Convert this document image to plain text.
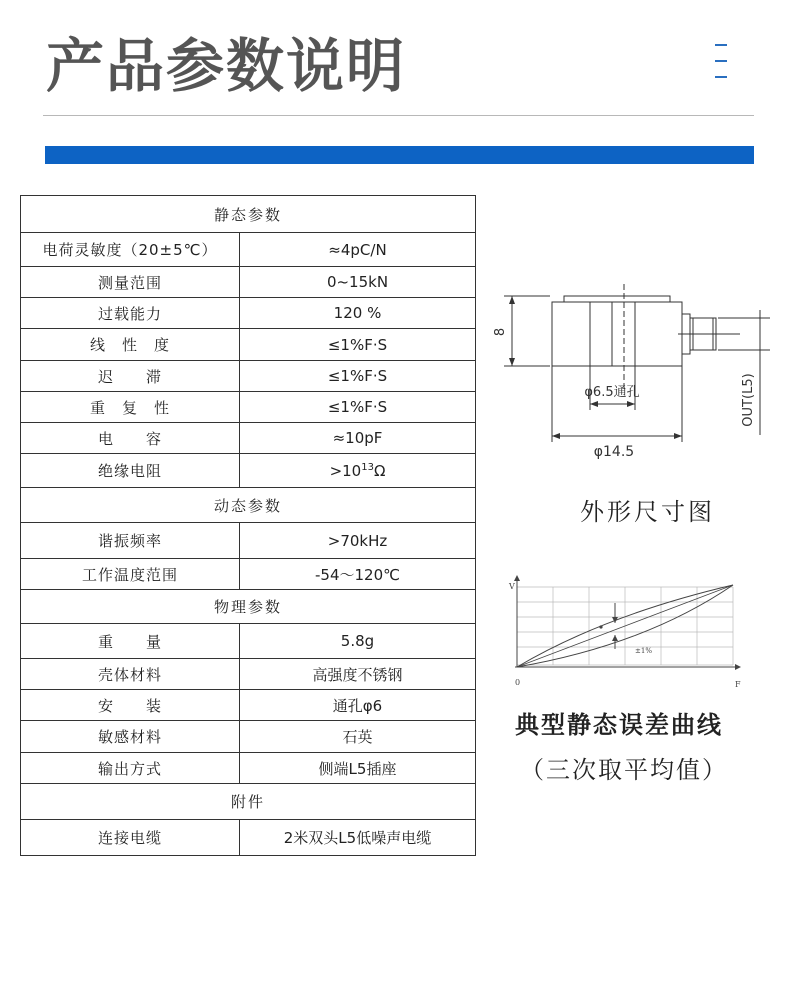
产品参数说明
静态参数	
电荷灵敏度（20±5℃）	≈4pC/N
测量范围	0~15kN
过载能力	120 %
线　性　度	≤1%F·S
迟　　滞	≤1%F·S
重　复　性	≤1%F·S
电　　容	≈10pF
绝缘电阻	$>10^{13}\Omega$
动态参数	
谐振频率	>70kHz
工作温度范围	-54～120℃
物理参数	
重　　量	5.8g
壳体材料	高强度不锈钢
安　　装	通孔φ6
敏感材料	石英
输出方式	侧端L5插座
附件	
连接电缆	2米双头L5低噪声电缆
8
φ6.5通孔
φ14.5
OUT(L5)
外形尺寸图
V
F
0
±1%
典型静态误差曲线
（三次取平均值）
